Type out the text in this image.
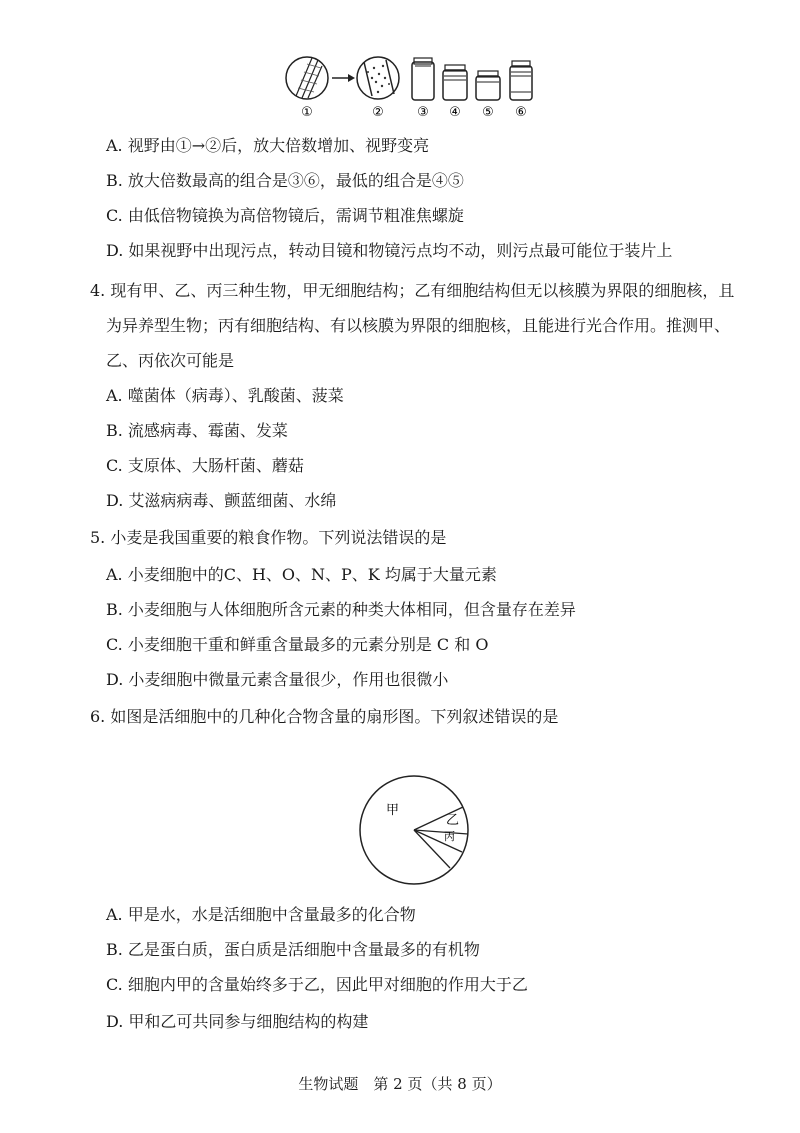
①	②	③ ④ ⑤ ⑥
A. 视野由①→②后，放大倍数增加、视野变亮
B. 放大倍数最高的组合是③⑥，最低的组合是④⑤
C. 由低倍物镜换为高倍物镜后，需调节粗准焦螺旋
D. 如果视野中出现污点，转动目镜和物镜污点均不动，则污点最可能位于装片上
4. 现有甲、乙、丙三种生物，甲无细胞结构；乙有细胞结构但无以核膜为界限的细胞核，且
为异养型生物；丙有细胞结构、有以核膜为界限的细胞核，且能进行光合作用。推测甲、
乙、丙依次可能是
A. 噬菌体（病毒）、乳酸菌、菠菜
B. 流感病毒、霉菌、发菜
C. 支原体、大肠杆菌、蘑菇
D. 艾滋病病毒、颤蓝细菌、水绵
5. 小麦是我国重要的粮食作物。下列说法错误的是
A. 小麦细胞中的C、H、O、N、P、K 均属于大量元素
B. 小麦细胞与人体细胞所含元素的种类大体相同，但含量存在差异
C. 小麦细胞干重和鲜重含量最多的元素分别是 C 和 O
D. 小麦细胞中微量元素含量很少，作用也很微小
6. 如图是活细胞中的几种化合物含量的扇形图。下列叙述错误的是
甲
乙
丙
A. 甲是水，水是活细胞中含量最多的化合物
B. 乙是蛋白质，蛋白质是活细胞中含量最多的有机物
C. 细胞内甲的含量始终多于乙，因此甲对细胞的作用大于乙
D. 甲和乙可共同参与细胞结构的构建
生物试题　第 2 页（共 8 页）
